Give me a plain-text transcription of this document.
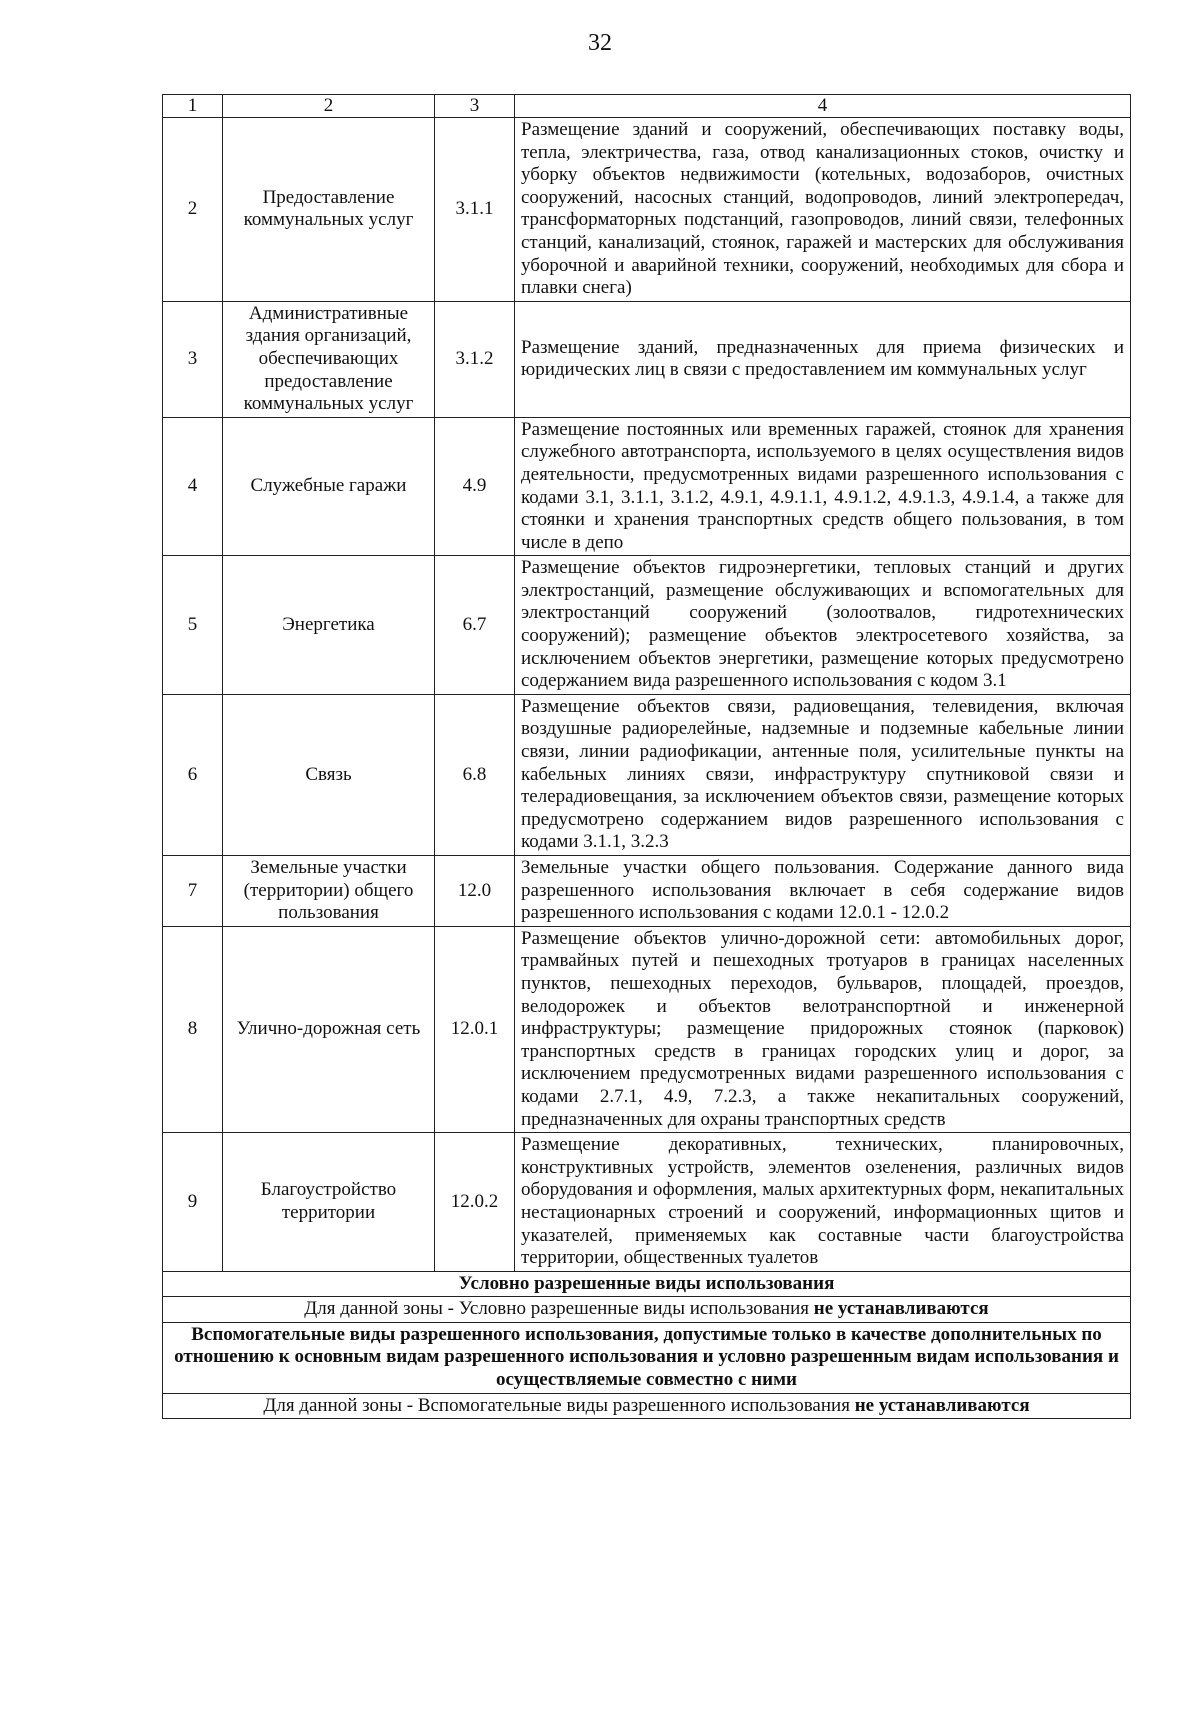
32
1	2	3	4
2	Предоставление коммунальных услуг	3.1.1	Размещение зданий и сооружений, обеспечивающих поставку воды, тепла, электричества, газа, отвод канализационных стоков, очистку и уборку объектов недвижимости (котельных, водозаборов, очистных сооружений, насосных станций, водопроводов, линий электропередач, трансформаторных подстанций, газопроводов, линий связи, телефонных станций, канализаций, стоянок, гаражей и мастерских для обслуживания уборочной и аварийной техники, сооружений, необходимых для сбора и плавки снега)
3	Административные здания организаций, обеспечивающих предоставление коммунальных услуг	3.1.2	Размещение зданий, предназначенных для приема физических и юридических лиц в связи с предоставлением им коммунальных услуг
4	Служебные гаражи	4.9	Размещение постоянных или временных гаражей, стоянок для хранения служебного автотранспорта, используемого в целях осуществления видов деятельности, предусмотренных видами разрешенного использования с кодами 3.1, 3.1.1, 3.1.2, 4.9.1, 4.9.1.1, 4.9.1.2, 4.9.1.3, 4.9.1.4, а также для стоянки и хранения транспортных средств общего пользования, в том числе в депо
5	Энергетика	6.7	Размещение объектов гидроэнергетики, тепловых станций и других электростанций, размещение обслуживающих и вспомогательных для электростанций сооружений (золоотвалов, гидротехнических сооружений); размещение объектов электросетевого хозяйства, за исключением объектов энергетики, размещение которых предусмотрено содержанием вида разрешенного использования с кодом 3.1
6	Связь	6.8	Размещение объектов связи, радиовещания, телевидения, включая воздушные радиорелейные, надземные и подземные кабельные линии связи, линии радиофикации, антенные поля, усилительные пункты на кабельных линиях связи, инфраструктуру спутниковой связи и телерадиовещания, за исключением объектов связи, размещение которых предусмотрено содержанием видов разрешенного использования с кодами 3.1.1, 3.2.3
7	Земельные участки (территории) общего пользования	12.0	Земельные участки общего пользования. Содержание данного вида разрешенного использования включает в себя содержание видов разрешенного использования с кодами 12.0.1 - 12.0.2
8	Улично-дорожная сеть	12.0.1	Размещение объектов улично-дорожной сети: автомобильных дорог, трамвайных путей и пешеходных тротуаров в границах населенных пунктов, пешеходных переходов, бульваров, площадей, проездов, велодорожек и объектов велотранспортной и инженерной инфраструктуры; размещение придорожных стоянок (парковок) транспортных средств в границах городских улиц и дорог, за исключением предусмотренных видами разрешенного использования с кодами 2.7.1, 4.9, 7.2.3, а также некапитальных сооружений, предназначенных для охраны транспортных средств
9	Благоустройство территории	12.0.2	Размещение декоративных, технических, планировочных, конструктивных устройств, элементов озеленения, различных видов оборудования и оформления, малых архитектурных форм, некапитальных нестационарных строений и сооружений, информационных щитов и указателей, применяемых как составные части благоустройства территории, общественных туалетов
Условно разрешенные виды использования			
Для данной зоны - Условно разрешенные виды использования не устанавливаются			
Вспомогательные виды разрешенного использования, допустимые только в качестве дополнительных по отношению к основным видам разрешенного использования и условно разрешенным видам использования и осуществляемые совместно с ними			
Для данной зоны - Вспомогательные виды разрешенного использования не устанавливаются			
